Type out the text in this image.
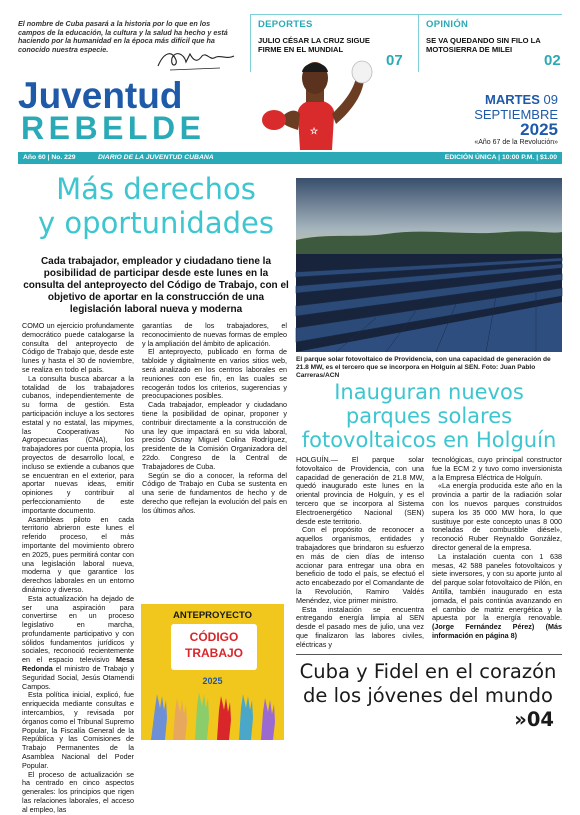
El nombre de Cuba pasará a la historia por lo que en los campos de la educación, la cultura y la salud ha hecho y está haciendo por la humanidad en la época más difícil que ha conocido nuestra especie.
DEPORTES
JULIO CÉSAR LA CRUZ SIGUE FIRME EN EL MUNDIAL
07
OPINIÓN
SE VA QUEDANDO SIN FILO LA MOTOSIERRA DE MILEI
02
☆
Juventud
REBELDE
MARTES 09
SEPTIEMBRE
2025
«Año 67 de la Revolución»
Año 60 | No. 229	DIARIO DE LA JUVENTUD CUBANA	EDICIÓN ÚNICA | 10:00 P.M. | $1.00
Más derechos
y oportunidades
Cada trabajador, empleador y ciudadano tiene la posibilidad de participar desde este lunes en la consulta del anteproyecto del Código de Trabajo, con el objetivo de aportar en la construcción de una legislación laboral nueva y moderna

COMO un ejercicio profundamente democrático puede catalogarse la consulta del anteproyecto de Código de Trabajo que, desde este lunes y hasta el 30 de noviembre, se realiza en todo el país.

La consulta busca abarcar a la totalidad de los trabajadores cubanos, independientemente de su forma de gestión. Esta participación incluye a los sectores estatal y no estatal, las mipymes, las Cooperativas No Agropecuarias (CNA), los trabajadores por cuenta propia, los proyectos de desarrollo local, e incluso se extiende a cubanos que se encuentran en el exterior, para aportar nuevas ideas, emitir opiniones y contribuir al perfeccionamiento de este importante documento.

Asambleas piloto en cada territorio abrieron este lunes el referido proceso, el más importante del movimiento obrero en 2025, pues permitirá contar con una legislación laboral nueva, moderna y que garantice los derechos laborales en un entorno dinámico y diverso.

Esta actualización ha dejado de ser una aspiración para convertirse en un proceso legislativo en marcha, profundamente participativo y con sólidos fundamentos jurídicos y sociales, reconoció recientemente en el espacio televisivo Mesa Redonda el ministro de Trabajo y Seguridad Social, Jesús Otamendi Campos.

Esta política inicial, explicó, fue enriquecida mediante consultas e intercambios, y revisada por órganos como el Tribunal Supremo Popular, la Fiscalía General de la República y las Comisiones de Trabajo Permanentes de la Asamblea Nacional del Poder Popular.

El proceso de actualización se ha centrado en cinco aspectos generales: los principios que rigen las relaciones laborales, el acceso al empleo, las

garantías de los trabajadores, el reconocimiento de nuevas formas de empleo y la ampliación del ámbito de aplicación.

El anteproyecto, publicado en forma de tabloide y digitalmente en varios sitios web, será analizado en los centros laborales en reuniones con ese fin, en las cuales se recogerán todos los criterios, sugerencias y preocupaciones posibles.

Cada trabajador, empleador y ciudadano tiene la posibilidad de opinar, proponer y contribuir directamente a la construcción de una ley que impactará en su vida laboral, precisó Osnay Miguel Colina Rodríguez, presidente de la Comisión Organizadora del 22do. Congreso de la Central de Trabajadores de Cuba.

Según se dio a conocer, la reforma del Código de Trabajo en Cuba se sustenta en una serie de fundamentos de hecho y de derecho que reflejan la evolución del país en los últimos años.

ANTEPROYECTO
CÓDIGO
TRABAJO
2025
El parque solar fotovoltaico de Providencia, con una capacidad de generación de 21.8 MW, es el tercero que se incorpora en Holguín al SEN. Foto: Juan Pablo Carreras/ACN
Inauguran nuevos
parques solares
fotovoltaicos en Holguín

HOLGUÍN.— El parque solar fotovoltaico de Providencia, con una capacidad de generación de 21.8 MW, quedó inaugurado este lunes en la oriental provincia de Holguín, y es el tercero que se incorpora al Sistema Electroenergético Nacional (SEN) desde este territorio.

Con el propósito de reconocer a aquellos organismos, entidades y trabajadores que brindaron su esfuerzo en más de cien días de intenso accionar para entregar una obra en beneficio de todo el país, se efectuó el acto encabezado por el Comandante de la Revolución, Ramiro Valdés Menéndez, vice primer ministro.

Esta instalación se encuentra entregando energía limpia al SEN desde el pasado mes de julio, una vez que finalizaron las labores civiles, eléctricas y

tecnológicas, cuyo principal constructor fue la ECM 2 y tuvo como inversionista a la Empresa Eléctrica de Holguín.

«La energía producida este año en la provincia a partir de la radiación solar con los nuevos parques construidos supera los 35 000 MW hora, lo que sustituye por este concepto unas 8 000 toneladas de combustible diésel», reconoció Ruber Reynaldo González, director general de la empresa.

La instalación cuenta con 1 638 mesas, 42 588 paneles fotovoltaicos y siete inversores, y con su aporte junto al del parque solar fotovoltaico de Pilón, en Antilla, también inaugurado en esta jornada, el país continúa avanzando en el cambio de matriz energética y la apuesta por la energía renovable. (Jorge Fernández Pérez) (Más información en página 8)

Cuba y Fidel en el corazón
de los jóvenes del mundo
»04
